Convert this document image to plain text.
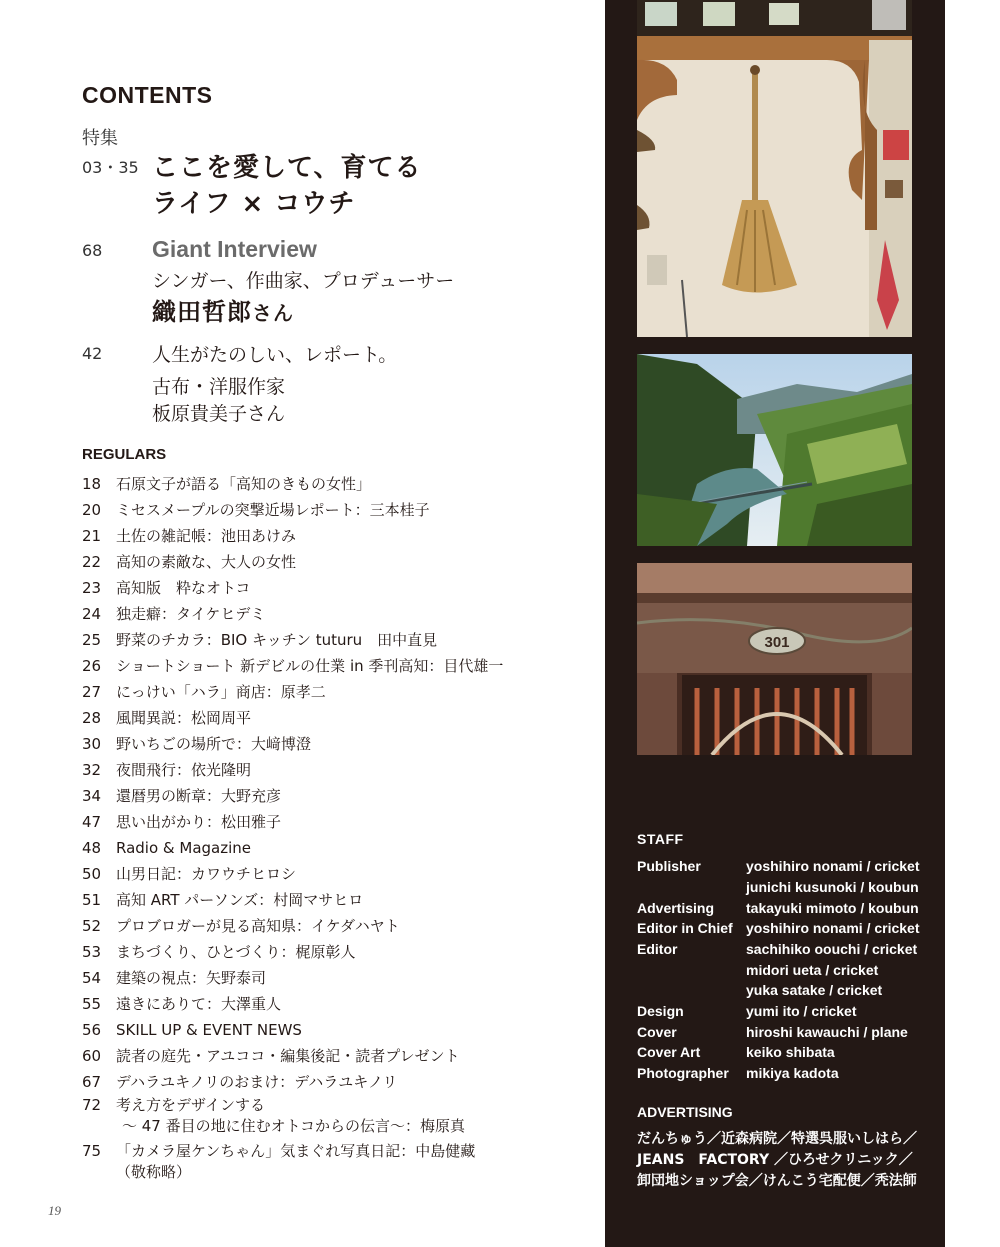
CONTENTS
特集
03・35 ここを愛して、育てる
ライフ × コウチ
68 Giant Interview
シンガー、作曲家、プロデューサー
織田哲郎さん
42	人生がたのしい、レポート。
古布・洋服作家
板原貴美子さん
REGULARS
18 石原文子が語る「高知のきもの女性」
20 ミセスメープルの突撃近場レポート：三本桂子
21 土佐の雑記帳：池田あけみ
22 高知の素敵な、大人の女性
23 高知版　粋なオトコ
24 独走癖：タイケヒデミ
25 野菜のチカラ：BIO キッチン tuturu　田中直見
26 ショートショート 新デビルの仕業 in 季刊高知：目代雄一
27 にっけい「ハラ」商店：原孝二
28 風聞異説：松岡周平
30 野いちごの場所で：大﨑博澄
32 夜間飛行：依光隆明
34 還暦男の断章：大野充彦
47 思い出がかり：松田雅子
48 Radio & Magazine
50 山男日記：カワウチヒロシ
51 高知 ART パーソンズ：村岡マサヒロ
52 プロブロガーが見る高知県：イケダハヤト
53 まちづくり、ひとづくり：梶原彰人
54 建築の視点：矢野泰司
55 遠きにありて：大澤重人
56 SKILL UP & EVENT NEWS
60 読者の庭先・アユココ・編集後記・読者プレゼント
67 デハラユキノリのおまけ：デハラユキノリ
72 考え方をデザインする
～ 47 番目の地に住むオトコからの伝言～：梅原真
75 「カメラ屋ケンちゃん」気まぐれ写真日記：中島健藏
（敬称略）
19
301
STAFF
Publisher	yoshihiro nonami / cricket
junichi kusunoki / koubun
Advertising	takayuki mimoto / koubun
Editor in Chief yoshihiro nonami / cricket
Editor	sachihiko oouchi / cricket
midori ueta / cricket
yuka satake / cricket
Design	yumi ito / cricket
Cover	hiroshi kawauchi / plane
Cover Art	keiko shibata
Photographer	mikiya kadota
ADVERTISING
だんちゅう／近森病院／特選呉服いしはら／
JEANS　FACTORY ／ひろせクリニック／
卸団地ショップ会／けんこう宅配便／秃法師
